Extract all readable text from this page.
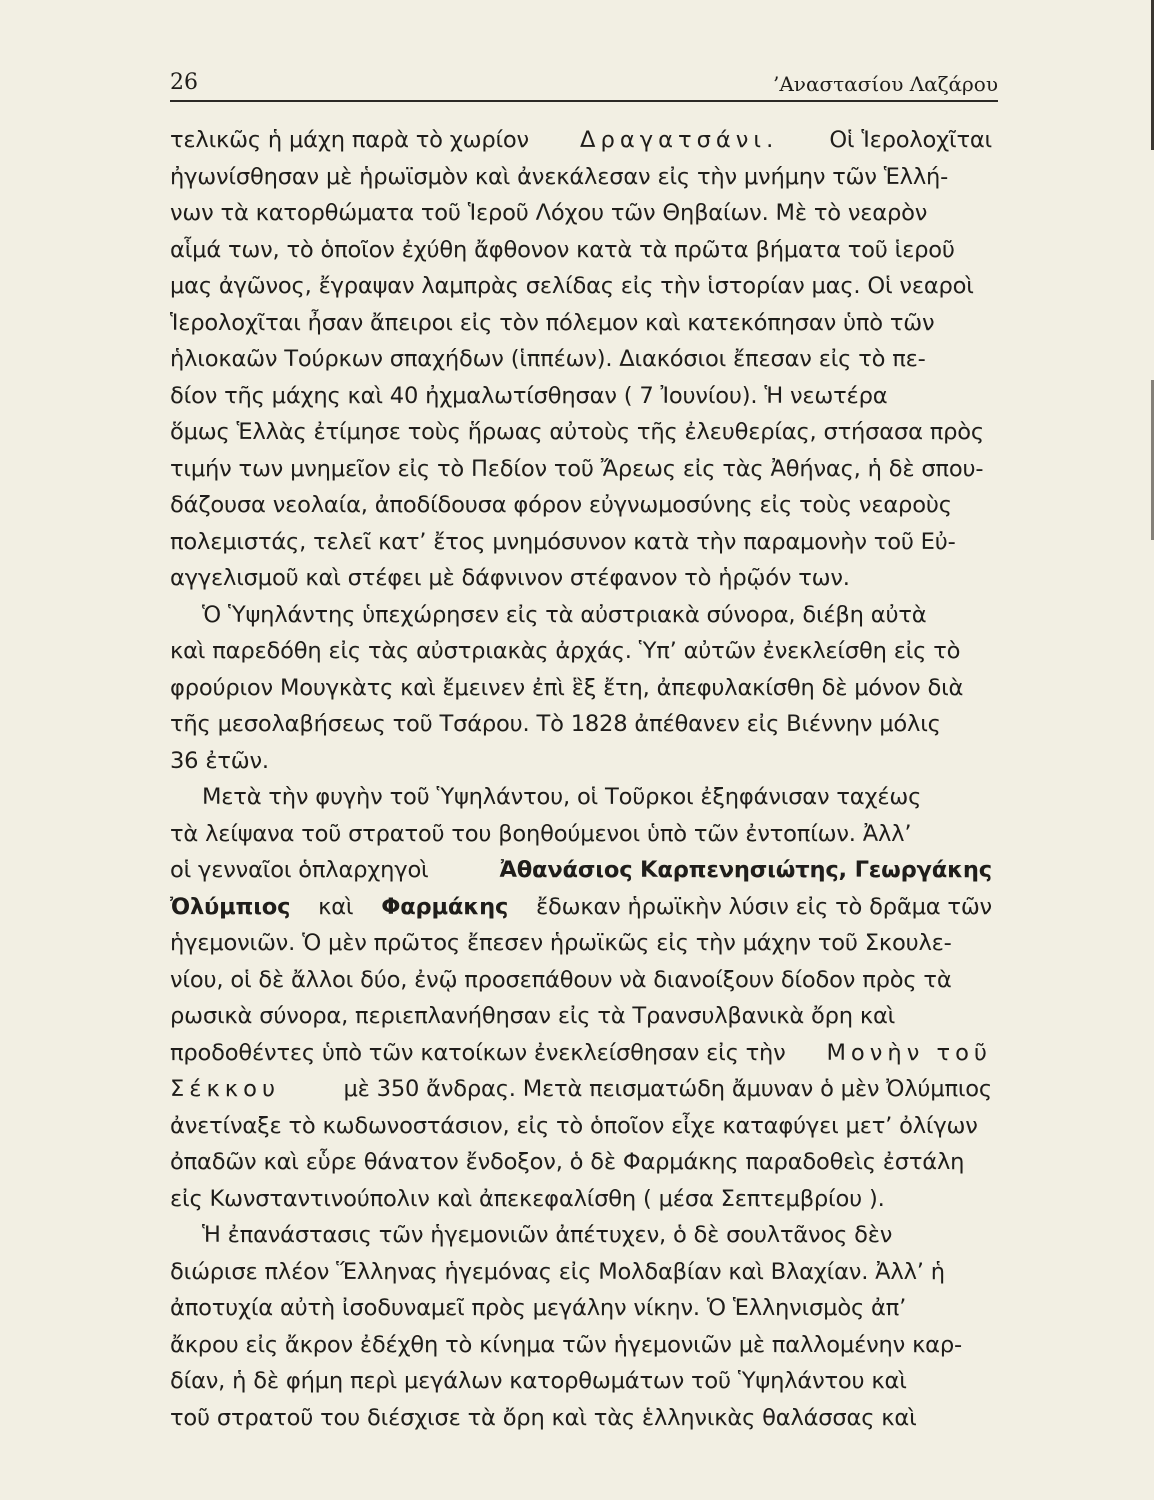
26	’Αναστασίου Λαζάρου
τελικῶς ἡ μάχη παρὰ τὸ χωρίον Δραγατσάνι. Οἱ Ἱερολοχῖται
ἠγωνίσθησαν μὲ ἡρωϊσμὸν καὶ ἀνεκάλεσαν εἰς τὴν μνήμην τῶν Ἑλλή-
νων τὰ κατορθώματα τοῦ Ἱεροῦ Λόχου τῶν Θηβαίων. Μὲ τὸ νεαρὸν
αἷμά των, τὸ ὁποῖον ἐχύθη ἄφθονον κατὰ τὰ πρῶτα βήματα τοῦ ἱεροῦ
μας ἀγῶνος, ἔγραψαν λαμπρὰς σελίδας εἰς τὴν ἱστορίαν μας. Οἱ νεαροὶ
Ἱερολοχῖται ἦσαν ἄπειροι εἰς τὸν πόλεμον καὶ κατεκόπησαν ὑπὸ τῶν
ἡλιοκαῶν Τούρκων σπαχήδων (ἱππέων). Διακόσιοι ἔπεσαν εἰς τὸ πε-
δίον τῆς μάχης καὶ 40 ἠχμαλωτίσθησαν ( 7 Ἰουνίου). Ἡ νεωτέρα
ὅμως Ἑλλὰς ἐτίμησε τοὺς ἥρωας αὐτοὺς τῆς ἐλευθερίας, στήσασα πρὸς
τιμήν των μνημεῖον εἰς τὸ Πεδίον τοῦ Ἄρεως εἰς τὰς Ἀθήνας, ἡ δὲ σπου-
δάζουσα νεολαία, ἀποδίδουσα φόρον εὐγνωμοσύνης εἰς τοὺς νεαροὺς
πολεμιστάς, τελεῖ κατ’ ἔτος μνημόσυνον κατὰ τὴν παραμονὴν τοῦ Εὐ-
αγγελισμοῦ καὶ στέφει μὲ δάφνινον στέφανον τὸ ἡρῷόν των.
Ὁ Ὑψηλάντης ὑπεχώρησεν εἰς τὰ αὐστριακὰ σύνορα, διέβη αὐτὰ
καὶ παρεδόθη εἰς τὰς αὐστριακὰς ἀρχάς. Ὑπ’ αὐτῶν ἐνεκλείσθη εἰς τὸ
φρούριον Μουγκὰτς καὶ ἔμεινεν ἐπὶ ἓξ ἔτη, ἀπεφυλακίσθη δὲ μόνον διὰ
τῆς μεσολαβήσεως τοῦ Τσάρου. Τὸ 1828 ἀπέθανεν εἰς Βιέννην μόλις
36 ἐτῶν.
Μετὰ τὴν φυγὴν τοῦ Ὑψηλάντου, οἱ Τοῦρκοι ἐξηφάνισαν ταχέως
τὰ λείψανα τοῦ στρατοῦ του βοηθούμενοι ὑπὸ τῶν ἐντοπίων. Ἀλλ’
οἱ γενναῖοι ὁπλαρχηγοὶ	Ἀθανάσιος Καρπενησιώτης, Γεωργάκης
Ὀλύμπιος καὶ Φαρμάκης ἔδωκαν ἡρωϊκὴν λύσιν εἰς τὸ δρᾶμα τῶν
ἡγεμονιῶν. Ὁ μὲν πρῶτος ἔπεσεν ἡρωϊκῶς εἰς τὴν μάχην τοῦ Σκουλε-
νίου, οἱ δὲ ἄλλοι δύο, ἐνῷ προσεπάθουν νὰ διανοίξουν δίοδον πρὸς τὰ
ρωσικὰ σύνορα, περιεπλανήθησαν εἰς τὰ Τρανσυλβανικὰ ὄρη καὶ
προδοθέντες ὑπὸ τῶν κατοίκων ἐνεκλείσθησαν εἰς τὴν Μονὴν τοῦ
Σέκκου	μὲ 350 ἄνδρας. Μετὰ πεισματώδη ἄμυναν ὁ μὲν Ὀλύμπιος
ἀνετίναξε τὸ κωδωνοστάσιον, εἰς τὸ ὁποῖον εἶχε καταφύγει μετ’ ὀλίγων
ὀπαδῶν καὶ εὗρε θάνατον ἔνδοξον, ὁ δὲ Φαρμάκης παραδοθεὶς ἐστάλη
εἰς Κωνσταντινούπολιν καὶ ἀπεκεφαλίσθη ( μέσα Σεπτεμβρίου ).
Ἡ ἐπανάστασις τῶν ἡγεμονιῶν ἀπέτυχεν, ὁ δὲ σουλτᾶνος δὲν
διώρισε πλέον Ἕλληνας ἡγεμόνας εἰς Μολδαβίαν καὶ Βλαχίαν. Ἀλλ’ ἡ
ἀποτυχία αὐτὴ ἰσοδυναμεῖ πρὸς μεγάλην νίκην. Ὁ Ἑλληνισμὸς ἀπ’
ἄκρου εἰς ἄκρον ἐδέχθη τὸ κίνημα τῶν ἡγεμονιῶν μὲ παλλομένην καρ-
δίαν, ἡ δὲ φήμη περὶ μεγάλων κατορθωμάτων τοῦ Ὑψηλάντου καὶ
τοῦ στρατοῦ του διέσχισε τὰ ὄρη καὶ τὰς ἑλληνικὰς θαλάσσας καὶ
